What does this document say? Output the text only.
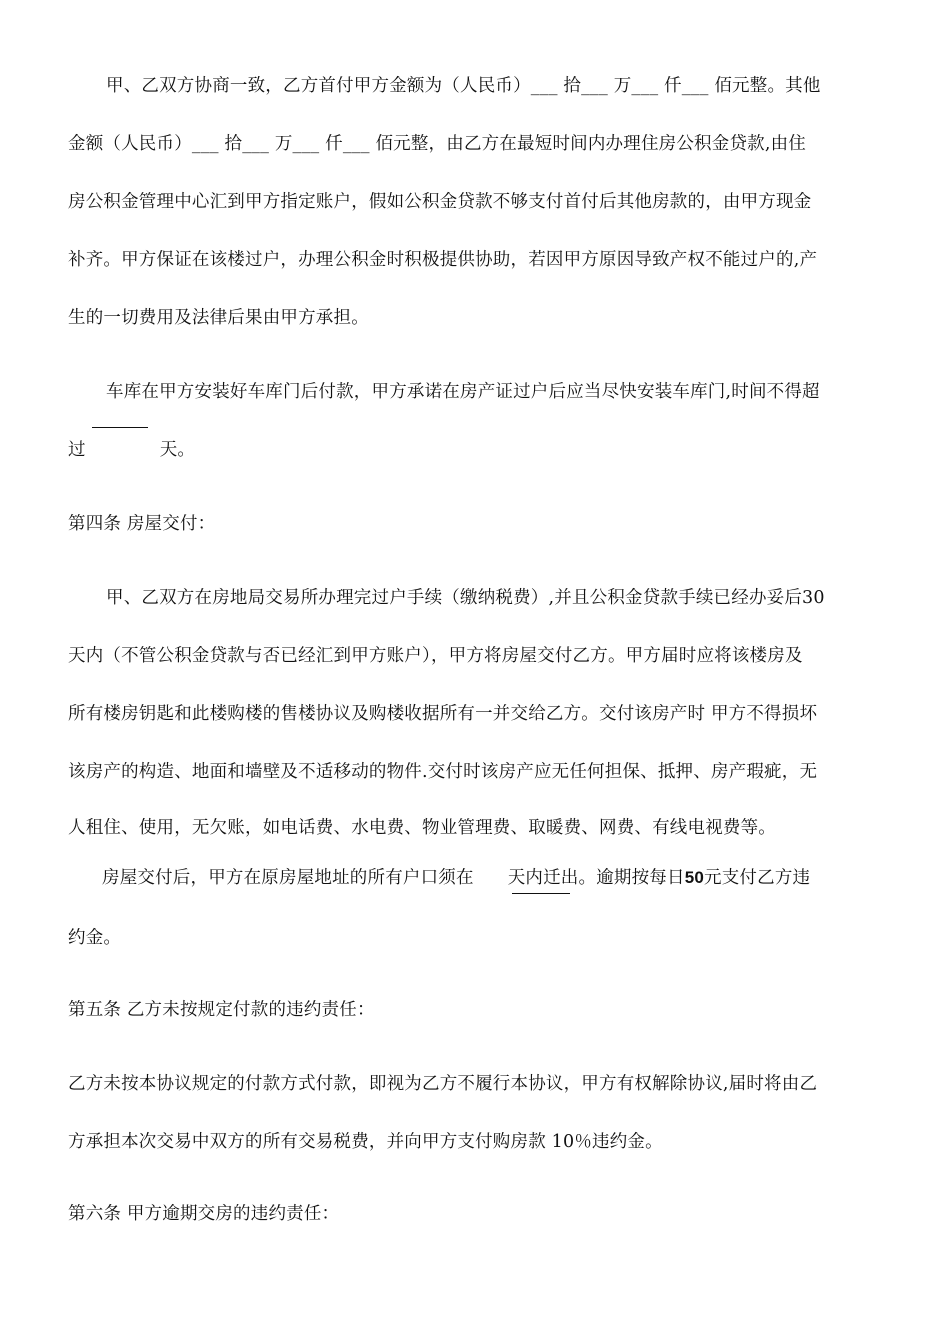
甲、乙双方协商一致，乙方首付甲方金额为（人民币）___ 拾___ 万___ 仟___ 佰元整。其他
金额（人民币）___ 拾___ 万___ 仟___ 佰元整，由乙方在最短时间内办理住房公积金贷款,由住
房公积金管理中心汇到甲方指定账户，假如公积金贷款不够支付首付后其他房款的，由甲方现金
补齐。甲方保证在该楼过户，办理公积金时积极提供协助，若因甲方原因导致产权不能过户的,产
生的一切费用及法律后果由甲方承担。
车库在甲方安装好车库门后付款，甲方承诺在房产证过户后应当尽快安装车库门,时间不得超
过	天。
第四条 房屋交付：
甲、乙双方在房地局交易所办理完过户手续（缴纳税费）,并且公积金贷款手续已经办妥后30
天内（不管公积金贷款与否已经汇到甲方账户），甲方将房屋交付乙方。甲方届时应将该楼房及
所有楼房钥匙和此楼购楼的售楼协议及购楼收据所有一并交给乙方。交付该房产时 甲方不得损坏
该房产的构造、地面和墙壁及不适移动的物件.交付时该房产应无任何担保、抵押、房产瑕疵，无
人租住、使用，无欠账，如电话费、水电费、物业管理费、取暖费、网费、有线电视费等。
房屋交付后，甲方在原房屋地址的所有户口须在 天内迁出。逾期按每日50元支付乙方违
约金。
第五条 乙方未按规定付款的违约责任：
乙方未按本协议规定的付款方式付款，即视为乙方不履行本协议，甲方有权解除协议,届时将由乙
方承担本次交易中双方的所有交易税费，并向甲方支付购房款 10％违约金。
第六条 甲方逾期交房的违约责任：
